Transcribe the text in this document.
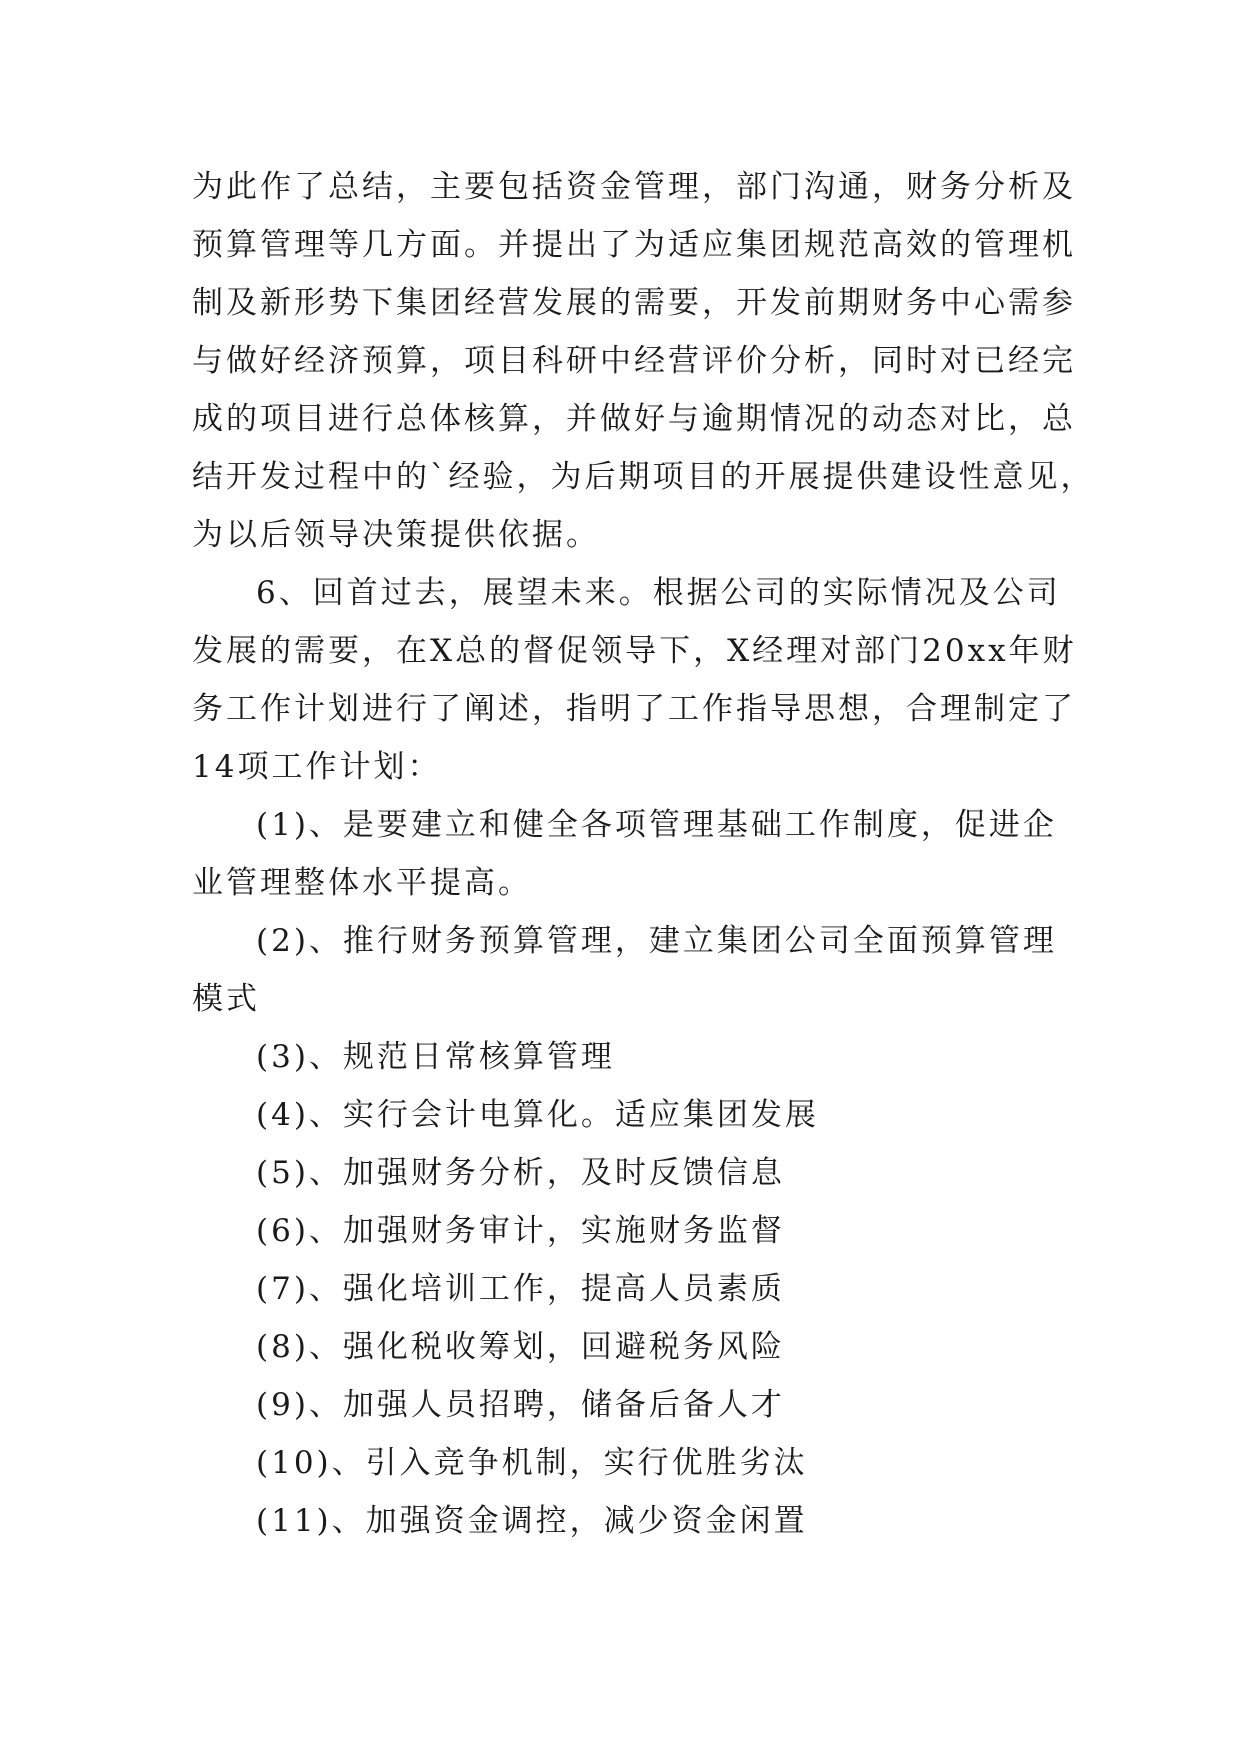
为此作了总结，主要包括资金管理，部门沟通，财务分析及
预算管理等几方面。并提出了为适应集团规范高效的管理机
制及新形势下集团经营发展的需要，开发前期财务中心需参
与做好经济预算，项目科研中经营评价分析，同时对已经完
成的项目进行总体核算，并做好与逾期情况的动态对比，总
结开发过程中的`经验，为后期项目的开展提供建设性意见，
为以后领导决策提供依据。
6、回首过去，展望未来。根据公司的实际情况及公司
发展的需要，在X总的督促领导下，X经理对部门20xx年财
务工作计划进行了阐述，指明了工作指导思想，合理制定了
14项工作计划：
(1)、是要建立和健全各项管理基础工作制度，促进企
业管理整体水平提高。
(2)、推行财务预算管理，建立集团公司全面预算管理
模式
(3)、规范日常核算管理
(4)、实行会计电算化。适应集团发展
(5)、加强财务分析，及时反馈信息
(6)、加强财务审计，实施财务监督
(7)、强化培训工作，提高人员素质
(8)、强化税收筹划，回避税务风险
(9)、加强人员招聘，储备后备人才
(10)、引入竞争机制，实行优胜劣汰
(11)、加强资金调控，减少资金闲置
